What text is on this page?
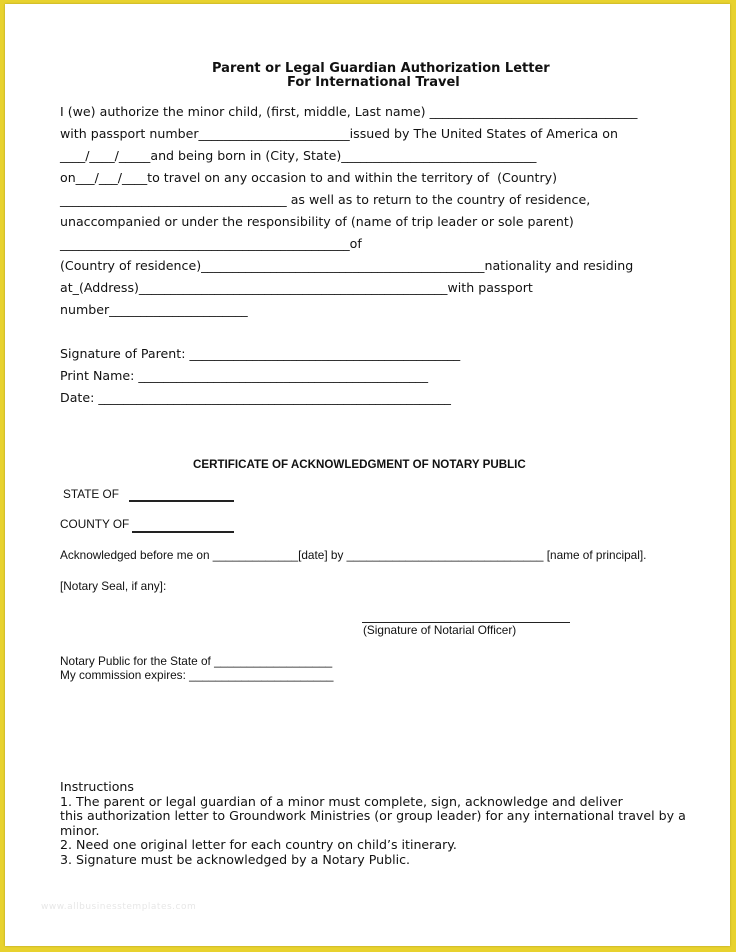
Parent or Legal Guardian Authorization Letter
For International Travel
I (we) authorize the minor child, (first, middle, Last name) _________________________________
with passport number________________________issued by The United States of America on
____/____/_____and being born in (City, State)_______________________________
on___/___/____to travel on any occasion to and within the territory of  (Country)
____________________________________ as well as to return to the country of residence,
unaccompanied or under the responsibility of (name of trip leader or sole parent)
______________________________________________of
(Country of residence)_____________________________________________nationality and residing
at_(Address)_________________________________________________with passport
number______________________
Signature of Parent: ___________________________________________
Print Name: ______________________________________________
Date: ________________________________________________________
CERTIFICATE OF ACKNOWLEDGMENT OF NOTARY PUBLIC
STATE OF
COUNTY OF
Acknowledged before me on _____________[date] by ______________________________ [name of principal].
[Notary Seal, if any]:
(Signature of Notarial Officer)
Notary Public for the State of __________________
My commission expires: ______________________
Instructions
1. The parent or legal guardian of a minor must complete, sign, acknowledge and deliver
this authorization letter to Groundwork Ministries (or group leader) for any international travel by a
minor.
2. Need one original letter for each country on child’s itinerary.
3. Signature must be acknowledged by a Notary Public.
www.allbusinesstemplates.com
